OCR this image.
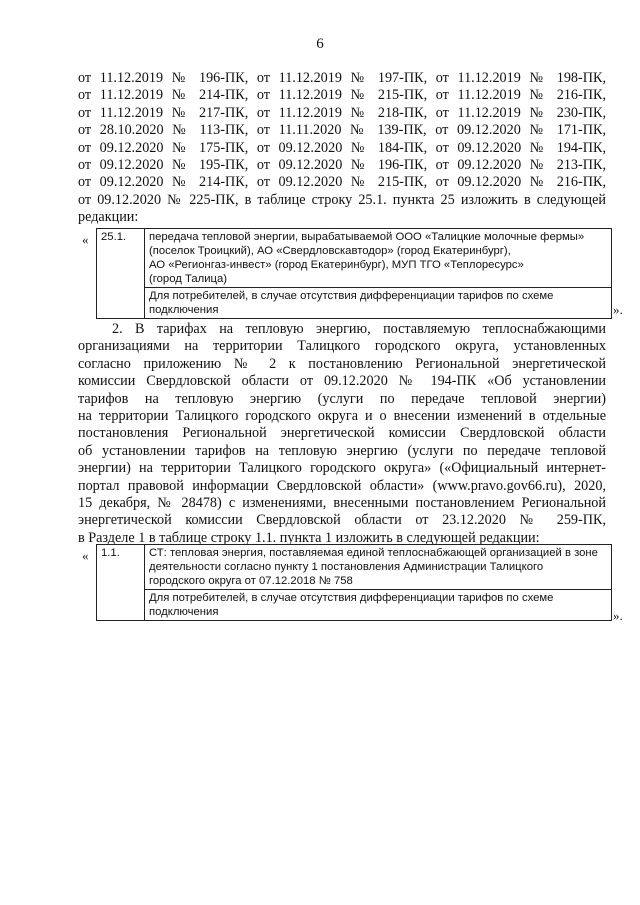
6
от 11.12.2019 № 196-ПК, от 11.12.2019 № 197-ПК, от 11.12.2019 № 198-ПК,
от 11.12.2019 № 214-ПК, от 11.12.2019 № 215-ПК, от 11.12.2019 № 216-ПК,
от 11.12.2019 № 217-ПК, от 11.12.2019 № 218-ПК, от 11.12.2019 № 230-ПК,
от 28.10.2020 № 113-ПК, от 11.11.2020 № 139-ПК, от 09.12.2020 № 171-ПК,
от 09.12.2020 № 175-ПК, от 09.12.2020 № 184-ПК, от 09.12.2020 № 194-ПК,
от 09.12.2020 № 195-ПК, от 09.12.2020 № 196-ПК, от 09.12.2020 № 213-ПК,
от 09.12.2020 № 214-ПК, от 09.12.2020 № 215-ПК, от 09.12.2020 № 216-ПК,
от 09.12.2020 № 225-ПК, в таблице строку 25.1. пункта 25 изложить в следующей
редакции:
« 25.1.	передача тепловой энергии, вырабатываемой ООО «Талицкие молочные фермы»
(поселок Троицкий), АО «Свердловскавтодор» (город Екатеринбург),
АО «Регионгаз-инвест» (город Екатеринбург), МУП ТГО «Теплоресурс»
(город Талица)

Для потребителей, в случае отсутствия дифференциации тарифов по схеме
подключения	».
2. В тарифах на тепловую энергию, поставляемую теплоснабжающими
организациями на территории Талицкого городского округа, установленных
согласно приложению № 2 к постановлению Региональной энергетической
комиссии Свердловской области от 09.12.2020 № 194-ПК «Об установлении
тарифов на тепловую энергию (услуги по передаче тепловой энергии)
на территории Талицкого городского округа и о внесении изменений в отдельные
постановления Региональной энергетической комиссии Свердловской области
об установлении тарифов на тепловую энергию (услуги по передаче тепловой
энергии) на территории Талицкого городского округа» («Официальный интернет-
портал правовой информации Свердловской области» (www.pravo.gov66.ru), 2020,
15 декабря, № 28478) с изменениями, внесенными постановлением Региональной
энергетической комиссии Свердловской области от 23.12.2020 № 259-ПК,
в Разделе 1 в таблице строку 1.1. пункта 1 изложить в следующей редакции:
« 1.1.	СТ: тепловая энергия, поставляемая единой теплоснабжающей организацией в зоне
деятельности согласно пункту 1 постановления Администрации Талицкого
городского округа от 07.12.2018 № 758

Для потребителей, в случае отсутствия дифференциации тарифов по схеме
подключения	».
